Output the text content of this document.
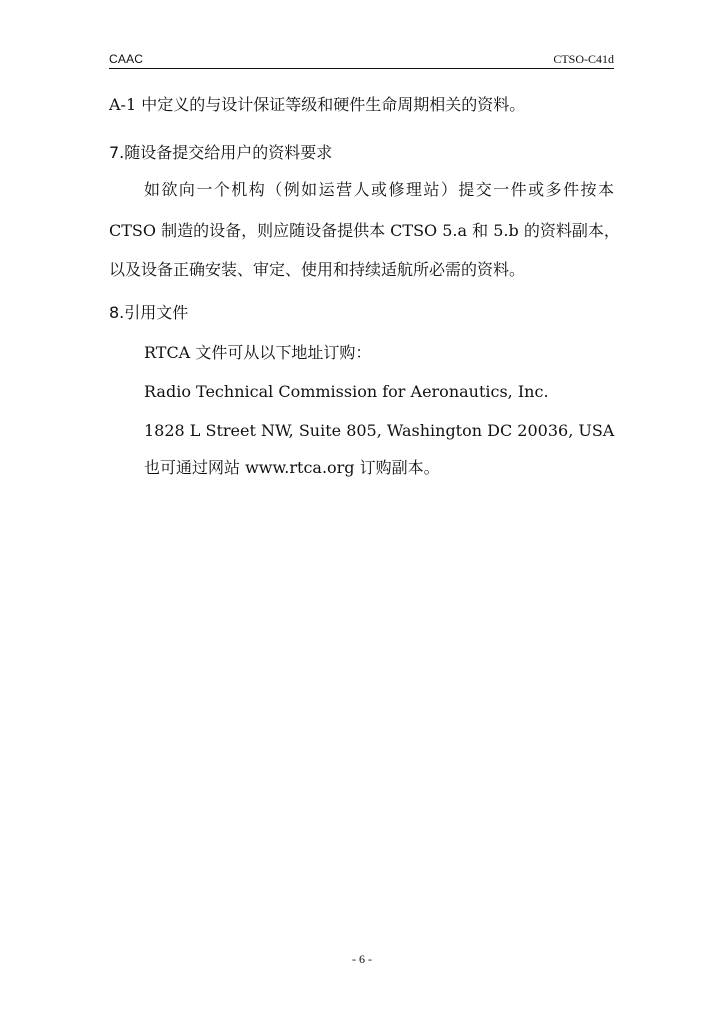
CAAC	CTSO-C41d
A-1 中定义的与设计保证等级和硬件生命周期相关的资料。
7.随设备提交给用户的资料要求
如欲向一个机构（例如运营人或修理站）提交一件或多件按本
CTSO 制造的设备，则应随设备提供本 CTSO 5.a 和 5.b 的资料副本，
以及设备正确安装、审定、使用和持续适航所必需的资料。
8.引用文件
RTCA 文件可从以下地址订购：
Radio Technical Commission for Aeronautics, Inc.
1828 L Street NW, Suite 805, Washington DC 20036, USA
也可通过网站 www.rtca.org 订购副本。
- 6 -
